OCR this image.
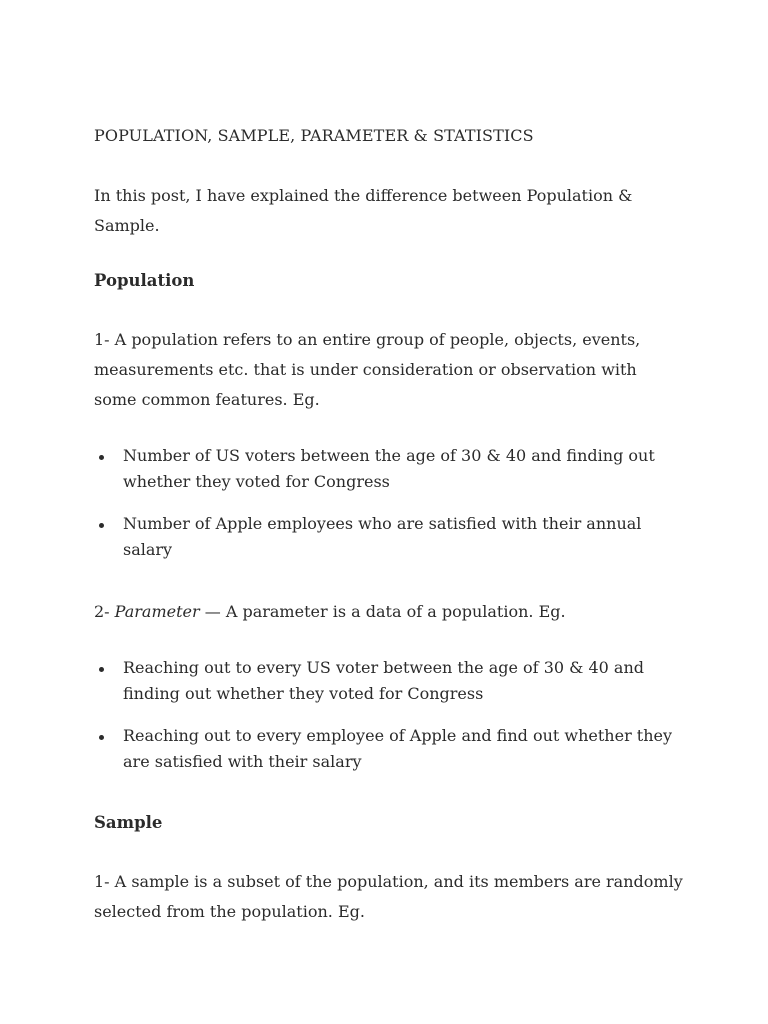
POPULATION, SAMPLE, PARAMETER & STATISTICS

In this post, I have explained the difference between Population & Sample.

Population

1- A population refers to an entire group of people, objects, events, measurements etc. that is under consideration or observation with some common features. Eg.

Number of US voters between the age of 30 & 40 and finding out whether they voted for Congress
Number of Apple employees who are satisfied with their annual salary

2- Parameter — A parameter is a data of a population. Eg.

Reaching out to every US voter between the age of 30 & 40 and finding out whether they voted for Congress
Reaching out to every employee of Apple and find out whether they are satisfied with their salary
Sample

1- A sample is a subset of the population, and its members are randomly selected from the population. Eg.
